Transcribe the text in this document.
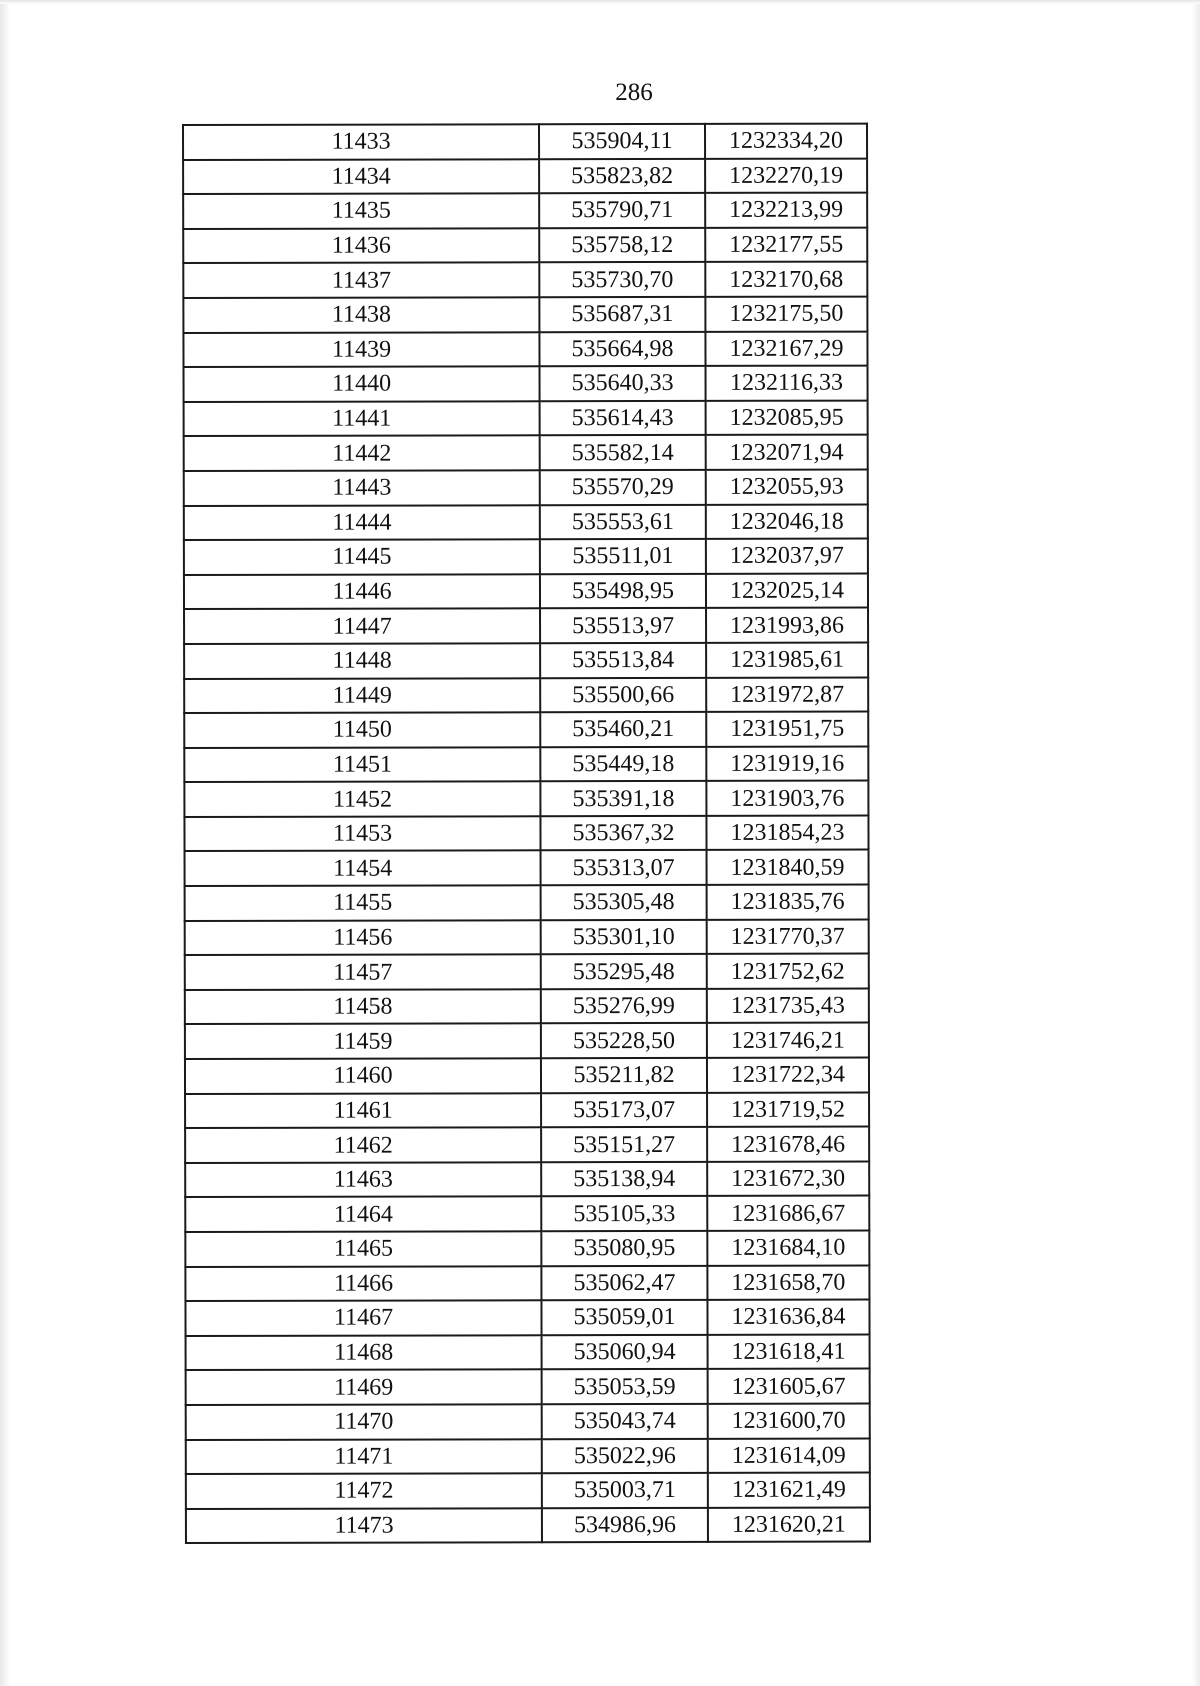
286
11433	535904,11	1232334,20
11434	535823,82	1232270,19
11435	535790,71	1232213,99
11436	535758,12	1232177,55
11437	535730,70	1232170,68
11438	535687,31	1232175,50
11439	535664,98	1232167,29
11440	535640,33	1232116,33
11441	535614,43	1232085,95
11442	535582,14	1232071,94
11443	535570,29	1232055,93
11444	535553,61	1232046,18
11445	535511,01	1232037,97
11446	535498,95	1232025,14
11447	535513,97	1231993,86
11448	535513,84	1231985,61
11449	535500,66	1231972,87
11450	535460,21	1231951,75
11451	535449,18	1231919,16
11452	535391,18	1231903,76
11453	535367,32	1231854,23
11454	535313,07	1231840,59
11455	535305,48	1231835,76
11456	535301,10	1231770,37
11457	535295,48	1231752,62
11458	535276,99	1231735,43
11459	535228,50	1231746,21
11460	535211,82	1231722,34
11461	535173,07	1231719,52
11462	535151,27	1231678,46
11463	535138,94	1231672,30
11464	535105,33	1231686,67
11465	535080,95	1231684,10
11466	535062,47	1231658,70
11467	535059,01	1231636,84
11468	535060,94	1231618,41
11469	535053,59	1231605,67
11470	535043,74	1231600,70
11471	535022,96	1231614,09
11472	535003,71	1231621,49
11473	534986,96	1231620,21
